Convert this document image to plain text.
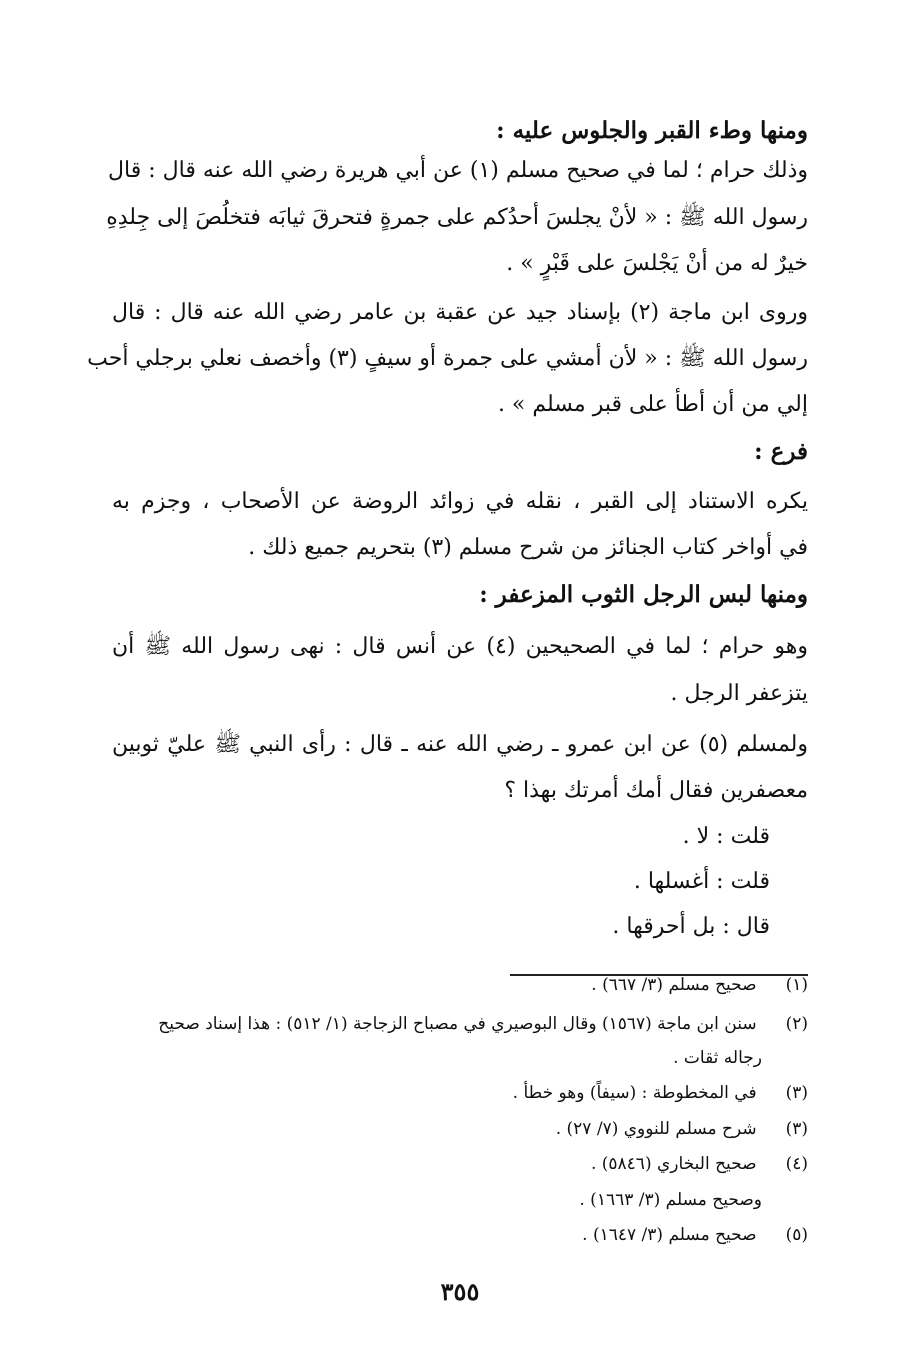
ومنها وطء القبر والجلوس عليه :
وذلك حرام ؛ لما في صحيح مسلم (١) عن أبي هريرة رضي الله عنه قال : قال
رسول الله ﷺ : « لأنْ يجلسَ أحدُكم على جمرةٍ فتحرقَ ثيابَه فتخلُصَ إلى جِلدِهِ
خيرٌ له من أنْ يَجْلسَ على قَبْرٍ » .
وروى ابن ماجة (٢) بإسناد جيد عن عقبة بن عامر رضي الله عنه قال : قال
رسول الله ﷺ : « لأن أمشي على جمرة أو سيفٍ (٣) وأخصف نعلي برجلي أحب
إلي من أن أطأ على قبر مسلم » .
فرع :
يكره الاستناد إلى القبر ، نقله في زوائد الروضة عن الأصحاب ، وجزم به
في أواخر كتاب الجنائز من شرح مسلم (٣) بتحريم جميع ذلك .
ومنها لبس الرجل الثوب المزعفر :
وهو حرام ؛ لما في الصحيحين (٤) عن أنس قال : نهى رسول الله ﷺ أن
يتزعفر الرجل .
ولمسلم (٥) عن ابن عمرو ـ رضي الله عنه ـ قال : رأى النبي ﷺ عليّ ثوبين
معصفرين فقال أمك أمرتك بهذا ؟
قلت : لا .
قلت : أغسلها .
قال : بل أحرقها .
(١) صحيح مسلم (٣/ ٦٦٧) .
(٢) سنن ابن ماجة (١٥٦٧) وقال البوصيري في مصباح الزجاجة (١/ ٥١٢) : هذا إسناد صحيح
رجاله ثقات .
(٣) في المخطوطة : (سيفاً) وهو خطأ .
(٣) شرح مسلم للنووي (٧/ ٢٧) .
(٤) صحيح البخاري (٥٨٤٦) .
وصحيح مسلم (٣/ ١٦٦٣) .
(٥) صحيح مسلم (٣/ ١٦٤٧) .
٣٥٥
